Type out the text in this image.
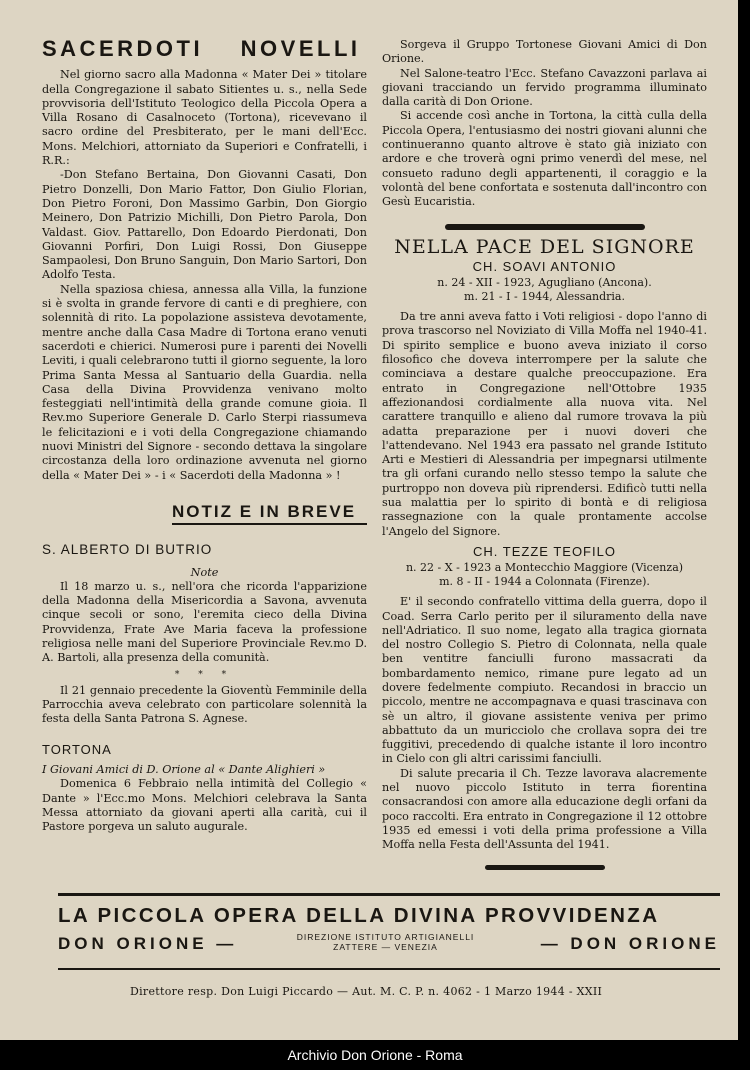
SACERDOTI NOVELLI

Nel giorno sacro alla Madonna « Mater Dei » titolare della Congregazione il sabato Sitientes u. s., nella Sede provvisoria dell'Istituto Teologico della Piccola Opera a Villa Rosano di Casalnoceto (Tortona), ricevevano il sacro ordine del Presbiterato, per le mani dell'Ecc. Mons. Melchiori, attorniato da Superiori e Confratelli, i R.R.:

-Don Stefano Bertaina, Don Giovanni Casati, Don Pietro Donzelli, Don Mario Fattor, Don Giulio Florian, Don Pietro Foroni, Don Massimo Garbin, Don Giorgio Meinero, Don Patrizio Michilli, Don Pietro Parola, Don Valdast. Giov. Pattarello, Don Edoardo Pierdonati, Don Giovanni Porfiri, Don Luigi Rossi, Don Giuseppe Sampaolesi, Don Bruno Sanguin, Don Mario Sartori, Don Adolfo Testa.

Nella spaziosa chiesa, annessa alla Villa, la funzione si è svolta in grande fervore di canti e di preghiere, con solennità di rito. La popolazione assisteva devotamente, mentre anche dalla Casa Madre di Tortona erano venuti sacerdoti e chierici. Numerosi pure i parenti dei Novelli Leviti, i quali celebrarono tutti il giorno seguente, la loro Prima Santa Messa al Santuario della Guardia. nella Casa della Divina Provvidenza venivano molto festeggiati nell'intimità della grande comune gioia. Il Rev.mo Superiore Generale D. Carlo Sterpi riassumeva le felicitazioni e i voti della Congregazione chiamando nuovi Ministri del Signore - secondo dettava la singolare circostanza della loro ordinazione avvenuta nel giorno della « Mater Dei » - i « Sacerdoti della Madonna » !

NOTIZ E IN BREVE
S. ALBERTO DI BUTRIO

Note

Il 18 marzo u. s., nell'ora che ricorda l'apparizione della Madonna della Misericordia a Savona, avvenuta cinque secoli or sono, l'eremita cieco della Divina Provvidenza, Frate Ave Maria faceva la professione religiosa nelle mani del Superiore Provinciale Rev.mo D. A. Bartoli, alla presenza della comunità.

* * *

Il 21 gennaio precedente la Gioventù Femminile della Parrocchia aveva celebrato con particolare solennità la festa della Santa Patrona S. Agnese.

TORTONA

I Giovani Amici di D. Orione al « Dante Alighieri »

Domenica 6 Febbraio nella intimità del Collegio « Dante » l'Ecc.mo Mons. Melchiori celebrava la Santa Messa attorniato da giovani aperti alla carità, cui il Pastore porgeva un saluto augurale.

Sorgeva il Gruppo Tortonese Giovani Amici di Don Orione.

Nel Salone-teatro l'Ecc. Stefano Cavazzoni parlava ai giovani tracciando un fervido programma illuminato dalla carità di Don Orione.

Si accende così anche in Tortona, la città culla della Piccola Opera, l'entusiasmo dei nostri giovani alunni che continueranno quanto altrove è stato già iniziato con ardore e che troverà ogni primo venerdì del mese, nel consueto raduno degli appartenenti, il coraggio e la volontà del bene confortata e sostenuta dall'incontro con Gesù Eucaristia.

NELLA PACE DEL SIGNORE
CH. SOAVI ANTONIO
n. 24 - XII - 1923, Agugliano (Ancona).
m. 21 - I - 1944, Alessandria.

Da tre anni aveva fatto i Voti religiosi - dopo l'anno di prova trascorso nel Noviziato di Villa Moffa nel 1940-41. Di spirito semplice e buono aveva iniziato il corso filosofico che doveva interrompere per la salute che cominciava a destare qualche preoccupazione. Era entrato in Congregazione nell'Ottobre 1935 affezionandosi cordialmente alla nuova vita. Nel carattere tranquillo e alieno dal rumore trovava la più adatta preparazione per i nuovi doveri che l'attendevano. Nel 1943 era passato nel grande Istituto Arti e Mestieri di Alessandria per impegnarsi utilmente tra gli orfani curando nello stesso tempo la salute che purtroppo non doveva più riprendersi. Edificò tutti nella sua malattia per lo spirito di bontà e di religiosa rassegnazione con la quale prontamente accolse l'Angelo del Signore.

CH. TEZZE TEOFILO
n. 22 - X - 1923 a Montecchio Maggiore (Vicenza)
m. 8 - II - 1944 a Colonnata (Firenze).

E' il secondo confratello vittima della guerra, dopo il Coad. Serra Carlo perito per il siluramento della nave nell'Adriatico. Il suo nome, legato alla tragica giornata del nostro Collegio S. Pietro di Colonnata, nella quale ben ventitre fanciulli furono massacrati da bombardamento nemico, rimane pure legato ad un dovere fedelmente compiuto. Recandosi in braccio un piccolo, mentre ne accompagnava e quasi trascinava con sè un altro, il giovane assistente veniva per primo abbattuto da un muricciolo che crollava sopra dei tre fuggitivi, precedendo di qualche istante il loro incontro in Cielo con gli altri carissimi fanciulli.

Di salute precaria il Ch. Tezze lavorava alacremente nel nuovo piccolo Istituto in terra fiorentina consacrandosi con amore alla educazione degli orfani da poco raccolti. Era entrato in Congregazione il 12 ottobre 1935 ed emessi i voti della prima professione a Villa Moffa nella Festa dell'Assunta del 1941.

LA PICCOLA OPERA DELLA DIVINA PROVVIDENZA
DON ORIONE —	DIREZIONE ISTITUTO ARTIGIANELLI
ZATTERE — VENEZIA	— DON ORIONE
Direttore resp. Don Luigi Piccardo — Aut. M. C. P. n. 4062 - 1 Marzo 1944 - XXII
Archivio Don Orione - Roma
